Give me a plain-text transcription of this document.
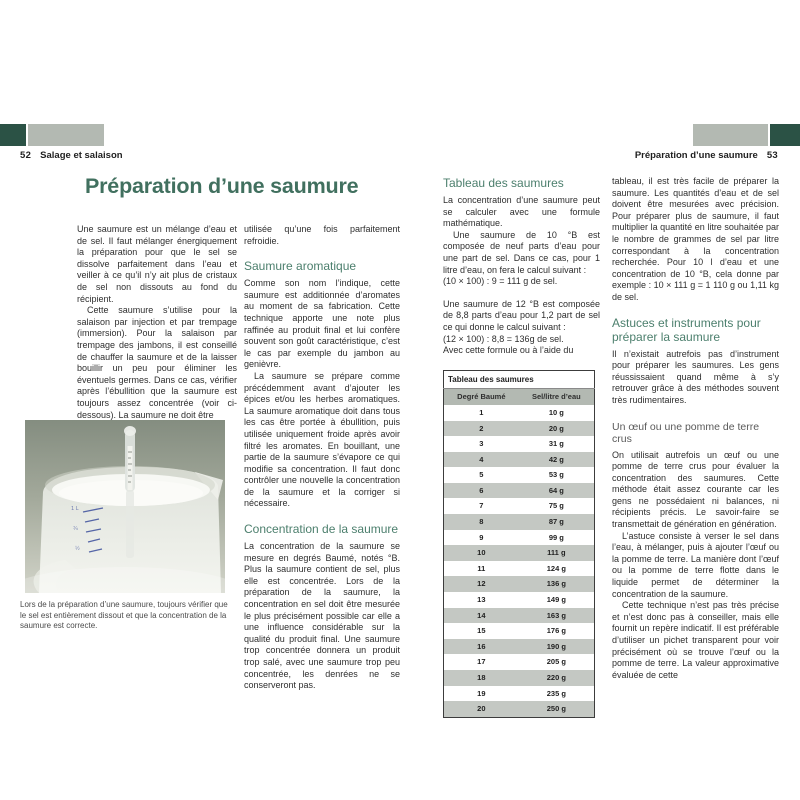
52 Salage et salaison	Préparation d’une saumure 53
Préparation d’une saumure

Une saumure est un mélange d’eau et de sel. Il faut mélanger énergiquement la préparation pour que le sel se dissolve parfaitement dans l’eau et veiller à ce qu’il n’y ait plus de cristaux de sel non dissouts au fond du récipient.

Cette saumure s’utilise pour la salaison par injection et par trempage (immersion). Pour la salaison par trempage des jambons, il est conseillé de chauffer la saumure et de la laisser bouillir un peu pour éliminer les éventuels germes. Dans ce cas, vérifier après l’ébullition que la saumure est toujours assez concentrée (voir ci-dessous). La saumure ne doit être

utilisée qu’une fois parfaitement refroidie.

Saumure aromatique

Comme son nom l’indique, cette saumure est additionnée d’aromates au moment de sa fabrication. Cette technique apporte une note plus raffinée au produit final et lui confère souvent son goût caractéristique, c’est le cas par exemple du jambon au genièvre.

La saumure se prépare comme précédemment avant d’ajouter les épices et/ou les herbes aromatiques. La saumure aromatique doit dans tous les cas être portée à ébullition, puis utilisée uniquement froide après avoir filtré les aromates. En bouillant, une partie de la saumure s’évapore ce qui modifie sa concentration. Il faut donc contrôler une nouvelle la concentration de la saumure et la corriger si nécessaire.

Concentration de la saumure

La concentration de la saumure se mesure en degrés Baumé, notés °B. Plus la saumure contient de sel, plus elle est concentrée. Lors de la préparation de la saumure, la concentration en sel doit être mesurée le plus précisément possible car elle a une influence considérable sur la qualité du produit final. Une saumure trop concentrée donnera un produit trop salé, avec une saumure trop peu concentrée, les denrées ne se conserveront pas.

1 L
¾
½

Lors de la préparation d’une saumure, toujours vérifier que le sel est entièrement dissout et que la concentration de la saumure est correcte.

Tableau des saumures

La concentration d’une saumure peut se calculer avec une formule mathématique.

Une saumure de 10 °B est composée de neuf parts d’eau pour une part de sel. Dans ce cas, pour 1 litre d’eau, on fera le calcul suivant :

(10 × 100) : 9 = 111 g de sel.

Une saumure de 12 °B est composée de 8,8 parts d’eau pour 1,2 part de sel ce qui donne le calcul suivant :

(12 × 100) : 8,8 = 136g de sel.

Avec cette formule ou à l’aide du

Tableau des saumures	
Degré Baumé	Sel/litre d’eau
1	10 g
2	20 g
3	31 g
4	42 g
5	53 g
6	64 g
7	75 g
8	87 g
9	99 g
10	111 g
11	124 g
12	136 g
13	149 g
14	163 g
15	176 g
16	190 g
17	205 g
18	220 g
19	235 g
20	250 g

tableau, il est très facile de préparer la saumure. Les quantités d’eau et de sel doivent être mesurées avec précision. Pour préparer plus de saumure, il faut multiplier la quantité en litre souhaitée par le nombre de grammes de sel par litre correspondant à la concentration recherchée. Pour 10 l d’eau et une concentration de 10 °B, cela donne par exemple : 10 × 111 g = 1 110 g ou 1,11 kg de sel.

Astuces et instruments pour préparer la saumure

Il n’existait autrefois pas d’instrument pour préparer les saumures. Les gens réussissaient quand même à s’y retrouver grâce à des méthodes souvent très rudimentaires.

Un œuf ou une pomme de terre crus

On utilisait autrefois un œuf ou une pomme de terre crus pour évaluer la concentration des saumures. Cette méthode était assez courante car les gens ne possédaient ni balances, ni récipients précis. Le savoir-faire se transmettait de génération en génération.

L’astuce consiste à verser le sel dans l’eau, à mélanger, puis à ajouter l’œuf ou la pomme de terre. La manière dont l’œuf ou la pomme de terre flotte dans le liquide permet de déterminer la concentration de la saumure.

Cette technique n’est pas très précise et n’est donc pas à conseiller, mais elle fournit un repère indicatif. Il est préférable d’utiliser un pichet transparent pour voir précisément où se trouve l’œuf ou la pomme de terre. La valeur approximative évaluée de cette
